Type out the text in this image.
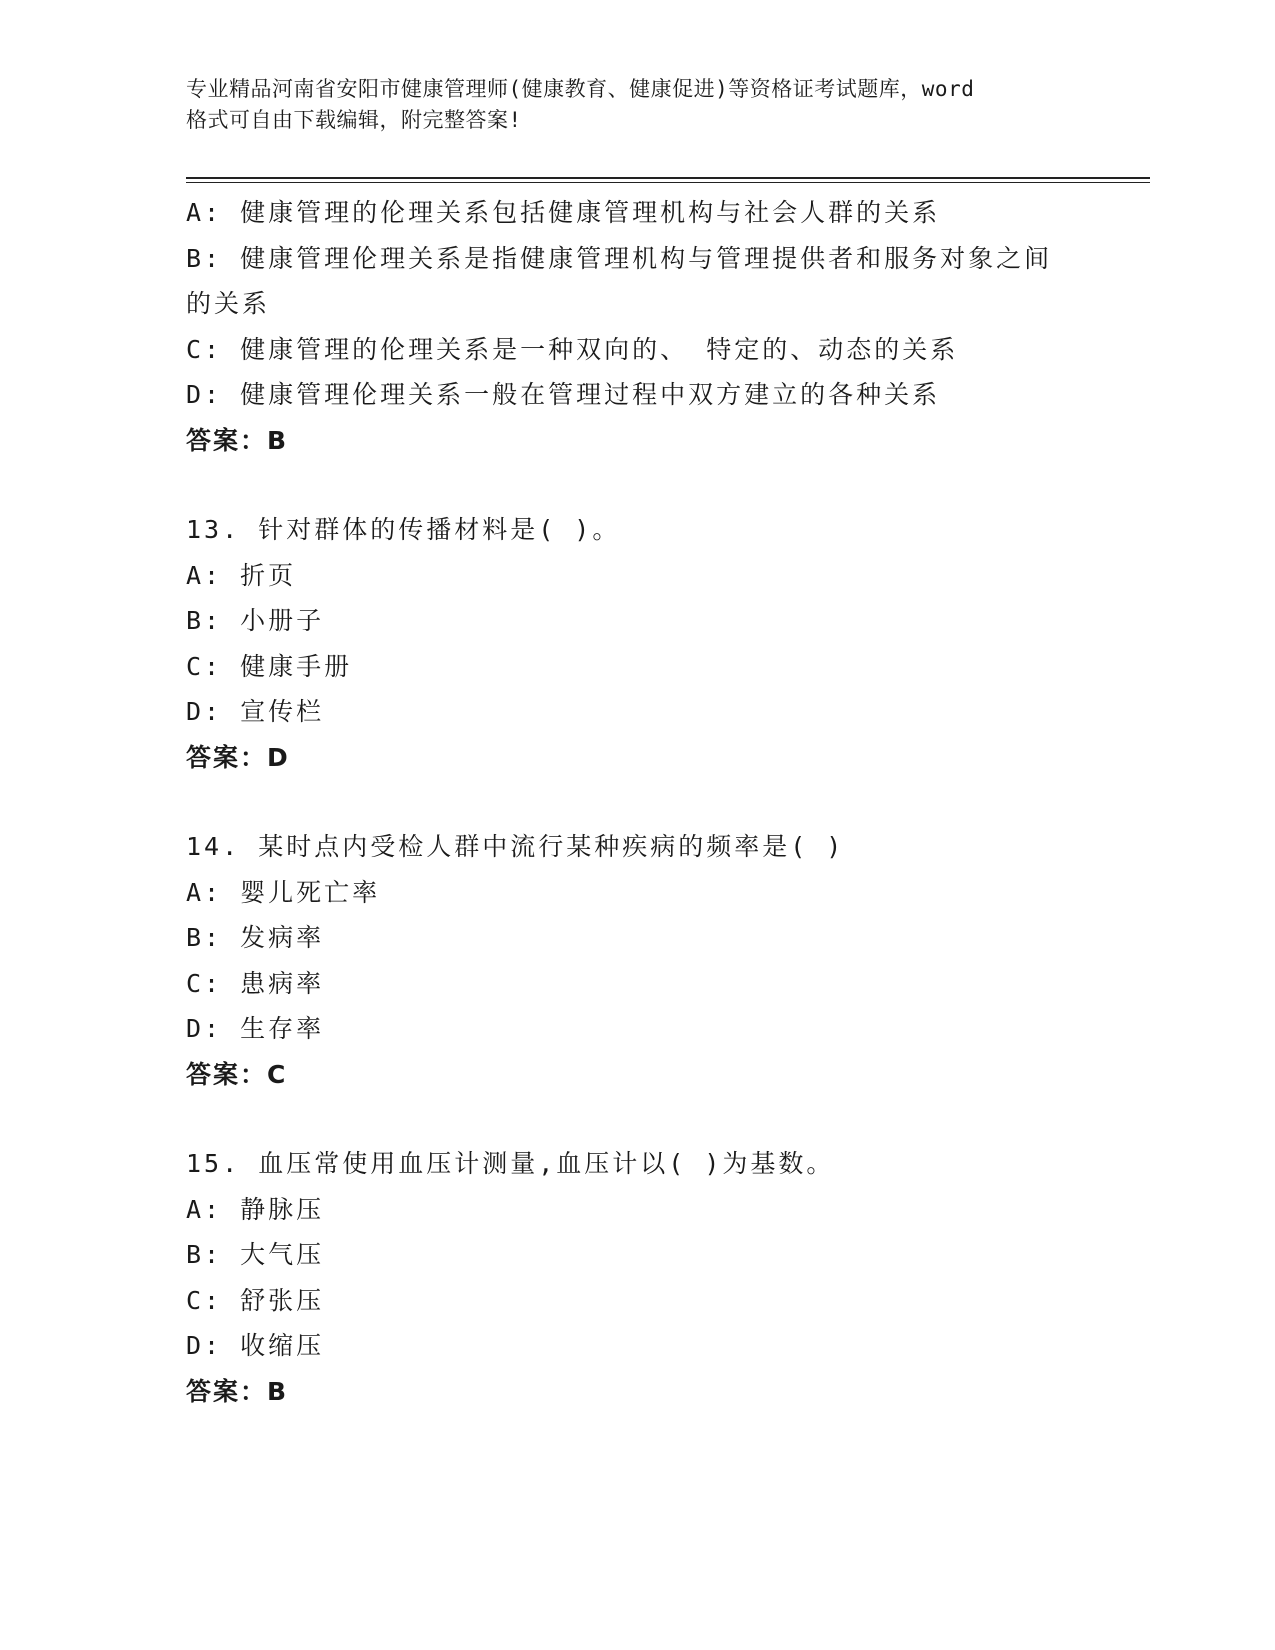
专业精品河南省安阳市健康管理师(健康教育、健康促进)等资格证考试题库，word
格式可自由下载编辑，附完整答案!
A: 健康管理的伦理关系包括健康管理机构与社会人群的关系
B: 健康管理伦理关系是指健康管理机构与管理提供者和服务对象之间
的关系
C: 健康管理的伦理关系是一种双向的、 特定的、动态的关系
D: 健康管理伦理关系一般在管理过程中双方建立的各种关系
答案：B
13. 针对群体的传播材料是( )。
A: 折页
B: 小册子
C: 健康手册
D: 宣传栏
答案：D
14. 某时点内受检人群中流行某种疾病的频率是( )
A: 婴儿死亡率
B: 发病率
C: 患病率
D: 生存率
答案：C
15. 血压常使用血压计测量,血压计以( )为基数。
A: 静脉压
B: 大气压
C: 舒张压
D: 收缩压
答案：B
